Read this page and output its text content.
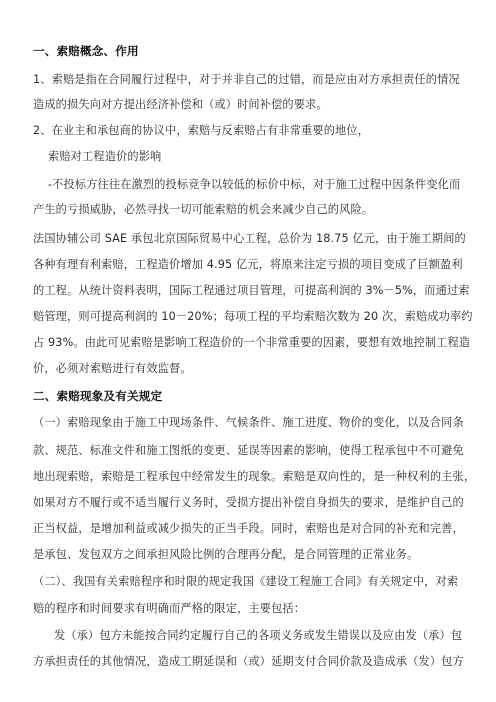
一、索赔概念、作用
1、索赔是指在合同履行过程中，对于并非自己的过错，而是应由对方承担责任的情况
造成的损失向对方提出经济补偿和（或）时间补偿的要求。
2、在业主和承包商的协议中，索赔与反索赔占有非常重要的地位，
索赔对工程造价的影响
-不投标方往往在激烈的投标竞争以较低的标价中标，对于施工过程中因条件变化而
产生的亏损威胁，必然寻找一切可能索赔的机会来减少自己的风险。
法国协辅公司 SAE 承包北京国际贸易中心工程，总价为 18.75 亿元，由于施工期间的
各种有理有利索赔，工程造价增加 4.95 亿元，将原来注定亏损的项目变成了巨额盈利
的工程。从统计资料表明，国际工程通过项目管理，可提高利润的 3%－5%，而通过索
赔管理，则可提高利润的 10－20%；每项工程的平均索赔次数为 20 次，索赔成功率约
占 93%。由此可见索赔是影响工程造价的一个非常重要的因素，要想有效地控制工程造
价，必须对索赔进行有效监督。
二、索赔现象及有关规定
（一）索赔现象由于施工中现场条件、气候条件、施工进度、物价的变化，以及合同条
款、规范、标准文件和施工图纸的变更、延误等因素的影响，使得工程承包中不可避免
地出现索赔，索赔是工程承包中经常发生的现象。索赔是双向性的，是一种权利的主张，
如果对方不履行或不适当履行义务时，受损方提出补偿自身损失的要求，是维护自己的
正当权益，是增加利益或减少损失的正当手段。同时，索赔也是对合同的补充和完善，
是承包、发包双方之间承担风险比例的合理再分配，是合同管理的正常业务。
（二）、我国有关索赔程序和时限的规定我国《建设工程施工合同》有关规定中，对索
赔的程序和时间要求有明确而严格的限定，主要包括：
发（承）包方未能按合同约定履行自己的各项义务或发生错误以及应由发（承）包
方承担责任的其他情况，造成工期延误和（或）延期支付合同价款及造成承（发）包方
